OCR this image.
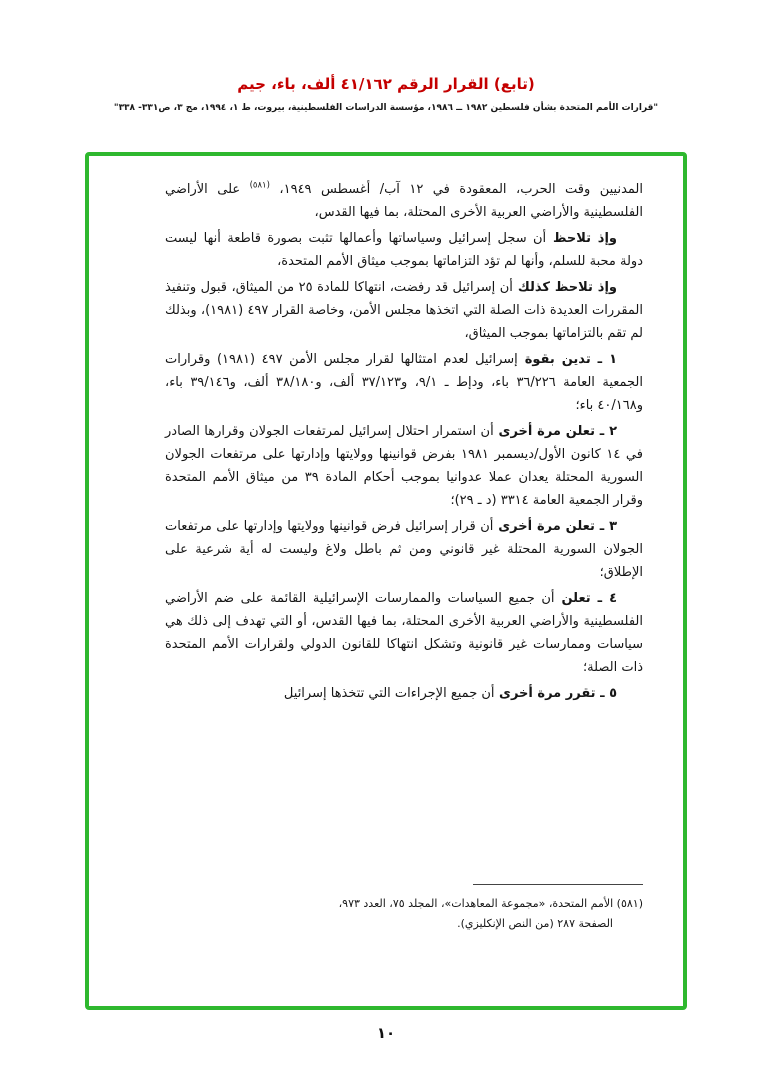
(تابع) القرار الرقم ٤١/١٦٢ ألف، باء، جيم
"قرارات الأمم المتحدة بشأن فلسطين ١٩٨٢ ــ ١٩٨٦، مؤسسة الدراسات الفلسطينية، بيروت، ط ١، ١٩٩٤، مج ٣، ص٣٣١- ٣٣٨"

المدنيين وقت الحرب، المعقودة في ١٢ آب/ أغسطس ١٩٤٩، $^{(٥٨١)}$ على الأراضي الفلسطينية والأراضي العربية الأخرى المحتلة، بما فيها القدس،

وإذ تلاحظ أن سجل إسرائيل وسياساتها وأعمالها تثبت بصورة قاطعة أنها ليست دولة محبة للسلم، وأنها لم تؤد التزاماتها بموجب ميثاق الأمم المتحدة،

وإذ تلاحظ كذلك أن إسرائيل قد رفضت، انتهاكا للمادة ٢٥ من الميثاق، قبول وتنفيذ المقررات العديدة ذات الصلة التي اتخذها مجلس الأمن، وخاصة القرار ٤٩٧ (١٩٨١)، وبذلك لم تقم بالتزاماتها بموجب الميثاق،

١ ـ تدين بقوة إسرائيل لعدم امتثالها لقرار مجلس الأمن ٤٩٧ (١٩٨١) وقرارات الجمعية العامة ٣٦/٢٢٦ باء، ودإط ـ ٩/١، و٣٧/١٢٣ ألف، و٣٨/١٨٠ ألف، و٣٩/١٤٦ باء، و٤٠/١٦٨ باء؛

٢ ـ تعلن مرة أخرى أن استمرار احتلال إسرائيل لمرتفعات الجولان وقرارها الصادر في ١٤ كانون الأول/ديسمبر ١٩٨١ بفرض قوانينها وولايتها وإدارتها على مرتفعات الجولان السورية المحتلة يعدان عملا عدوانيا بموجب أحكام المادة ٣٩ من ميثاق الأمم المتحدة وقرار الجمعية العامة ٣٣١٤ (د ـ ٢٩)؛

٣ ـ تعلن مرة أخرى أن قرار إسرائيل فرض قوانينها وولايتها وإدارتها على مرتفعات الجولان السورية المحتلة غير قانوني ومن ثم باطل ولاغ وليست له أية شرعية على الإطلاق؛

٤ ـ تعلن أن جميع السياسات والممارسات الإسرائيلية القائمة على ضم الأراضي الفلسطينية والأراضي العربية الأخرى المحتلة، بما فيها القدس، أو التي تهدف إلى ذلك هي سياسات وممارسات غير قانونية وتشكل انتهاكا للقانون الدولي ولقرارات الأمم المتحدة ذات الصلة؛

٥ ـ تقرر مرة أخرى أن جميع الإجراءات التي تتخذها إسرائيل

(٥٨١) الأمم المتحدة، «مجموعة المعاهدات»، المجلد ٧٥، العدد ٩٧٣،
الصفحة ٢٨٧ (من النص الإنكليزي).
١٠
